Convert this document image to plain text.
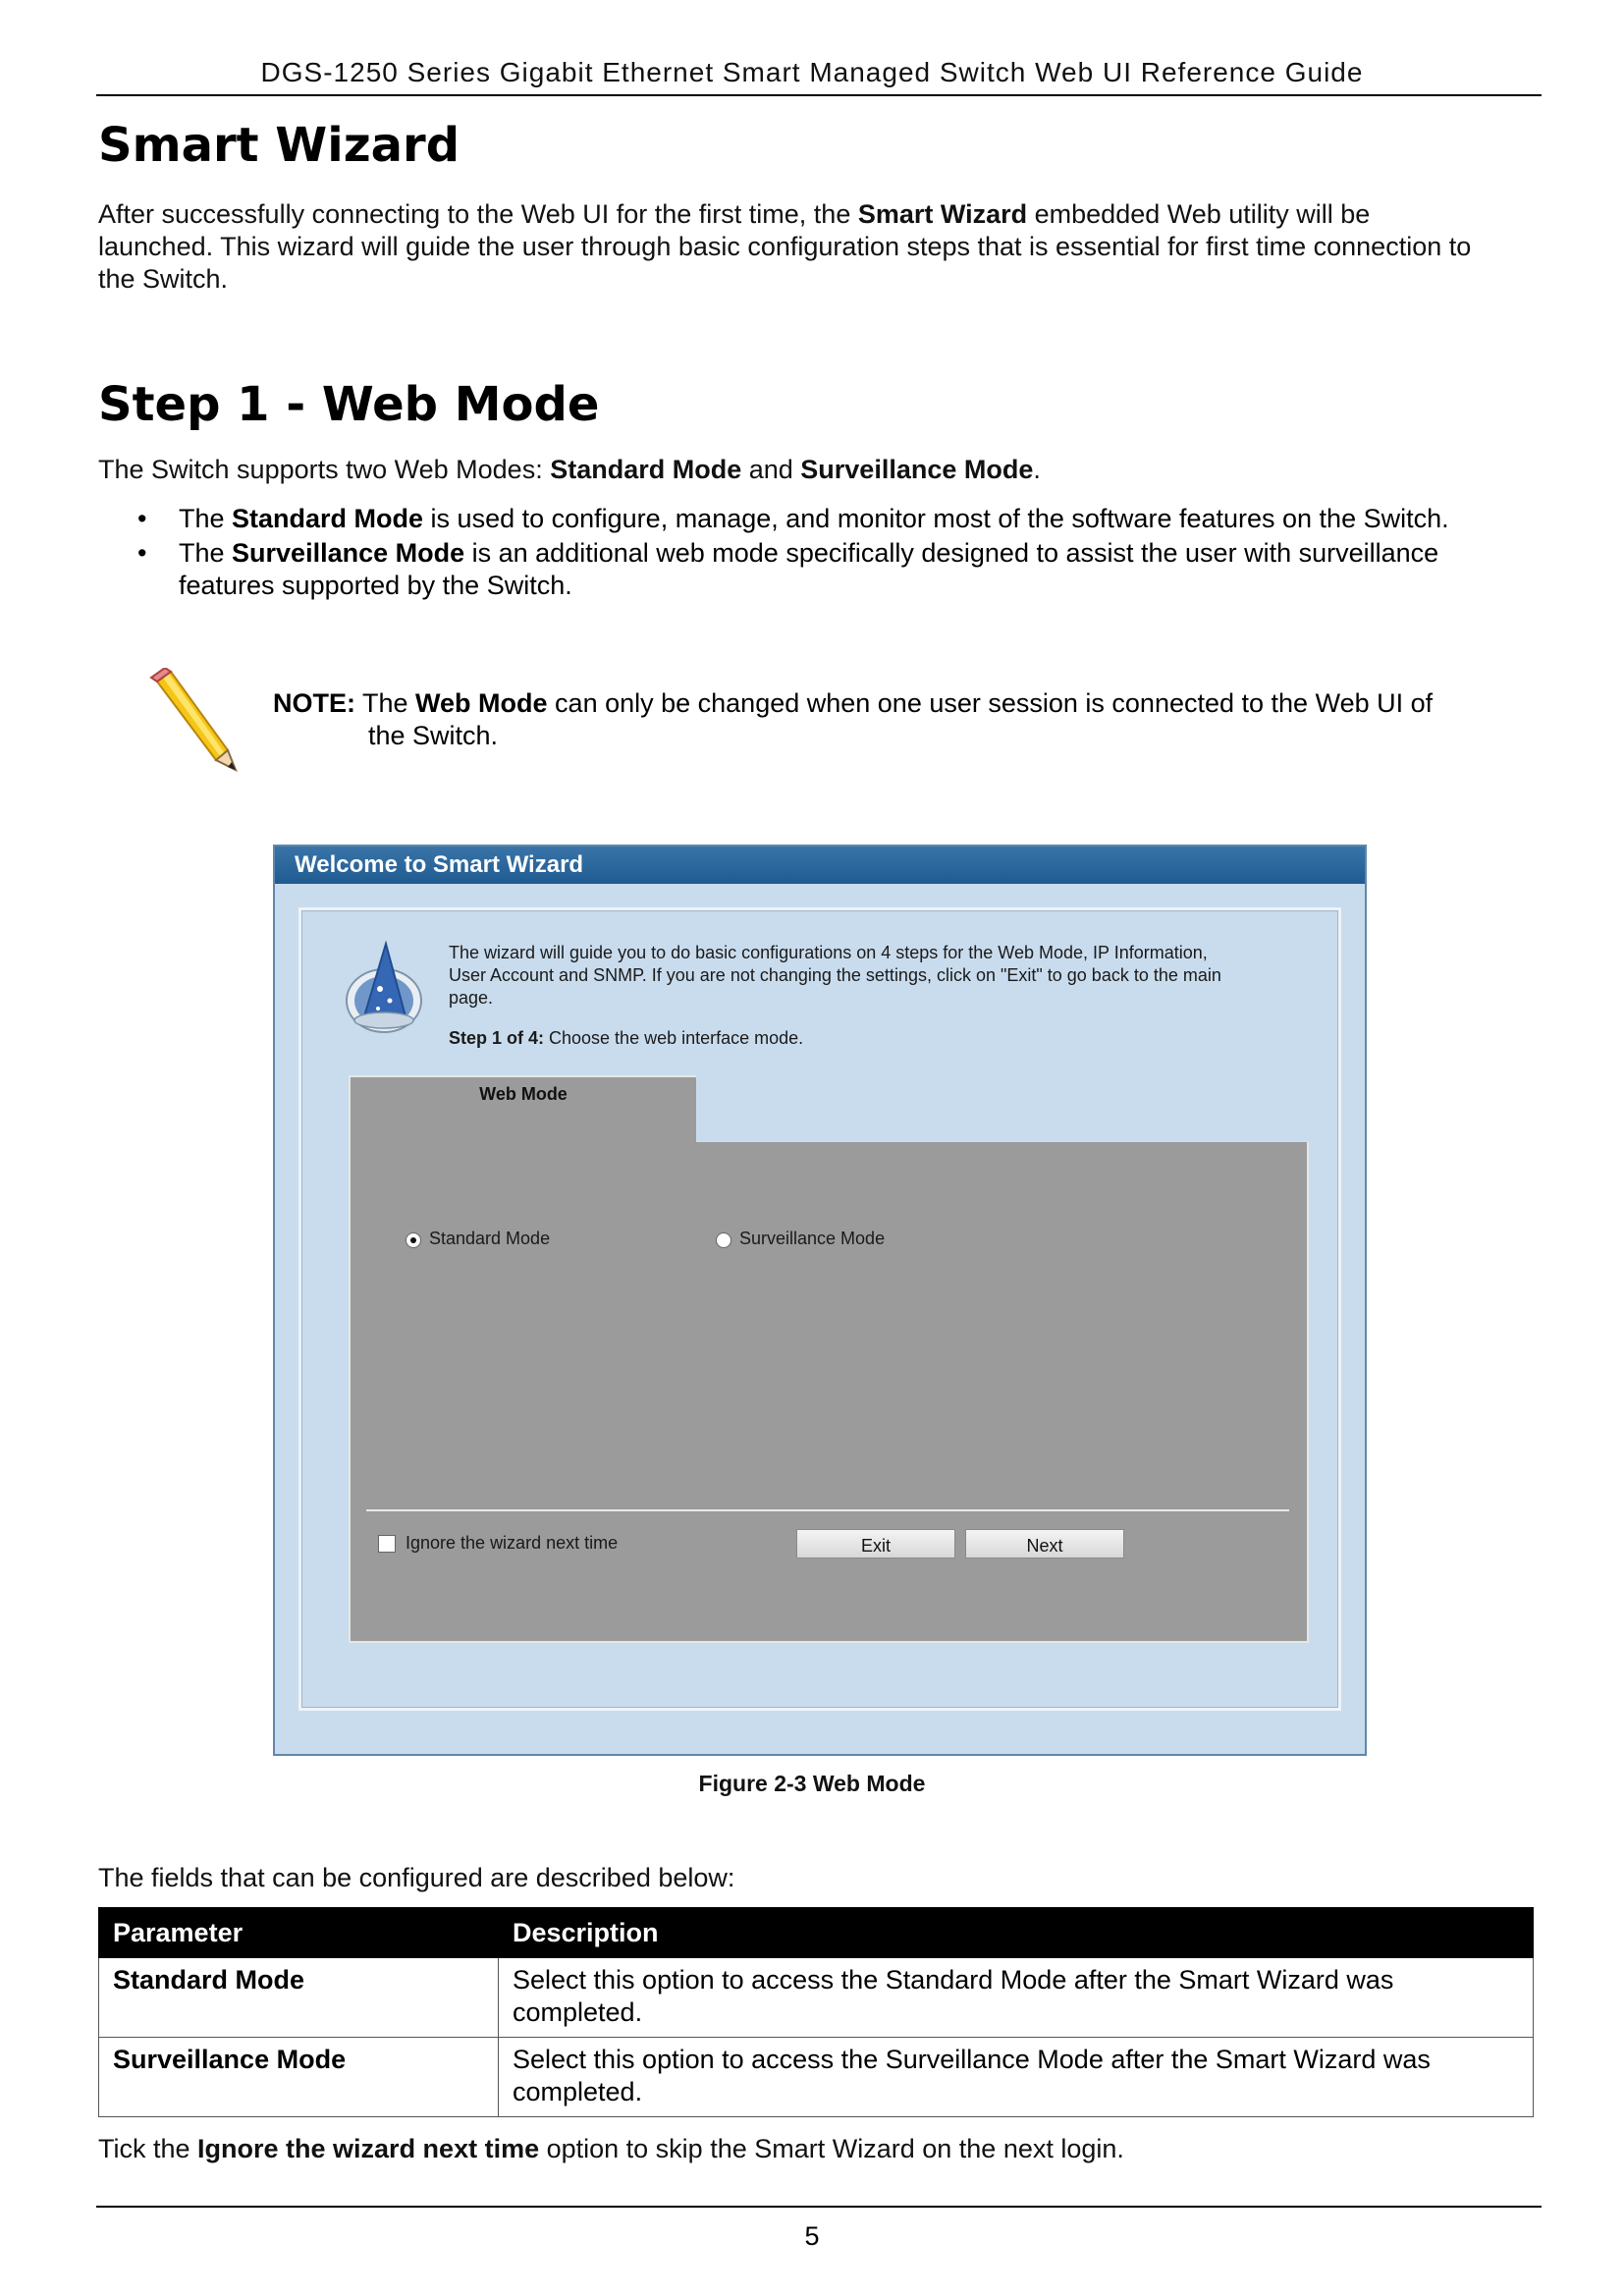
DGS-1250 Series Gigabit Ethernet Smart Managed Switch Web UI Reference Guide
Smart Wizard

After successfully connecting to the Web UI for the first time, the Smart Wizard embedded Web utility will be
launched. This wizard will guide the user through basic configuration steps that is essential for first time connection to
the Switch.

Step 1 - Web Mode

The Switch supports two Web Modes: Standard Mode and Surveillance Mode.

• The Standard Mode is used to configure, manage, and monitor most of the software features on the Switch.
• The Surveillance Mode is an additional web mode specifically designed to assist the user with surveillance
features supported by the Switch.
NOTE: The Web Mode can only be changed when one user session is connected to the Web UI of
the Switch.
Welcome to Smart Wizard
The wizard will guide you to do basic configurations on 4 steps for the Web Mode, IP Information,
User Account and SNMP. If you are not changing the settings, click on "Exit" to go back to the main
page.
Step 1 of 4: Choose the web interface mode.
Web Mode
Standard Mode	Surveillance Mode
Ignore the wizard next time	Exit	Next
Figure 2-3 Web Mode

The fields that can be configured are described below:

Parameter	Description
Standard Mode	Select this option to access the Standard Mode after the Smart Wizard was
completed.
Surveillance Mode	Select this option to access the Surveillance Mode after the Smart Wizard was
completed.

Tick the Ignore the wizard next time option to skip the Smart Wizard on the next login.

5
